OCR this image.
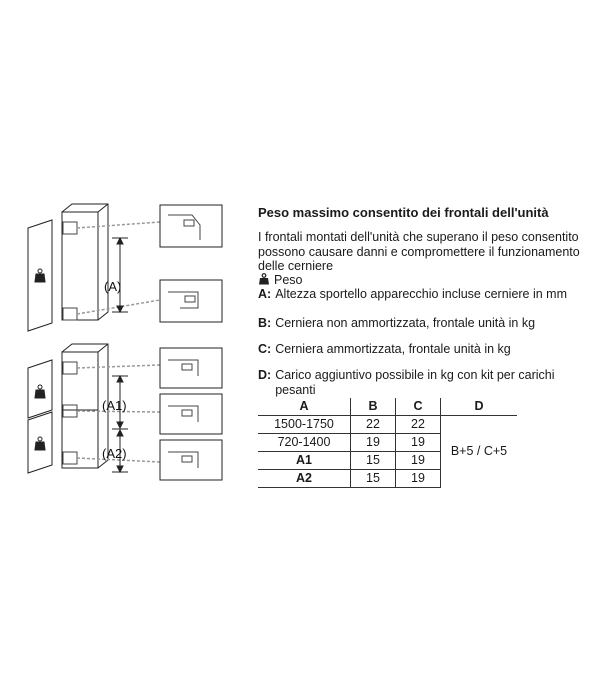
(A)
(A1)
(A2)
Peso massimo consentito dei frontali dell'unità
I frontali montati dell'unità che superano il peso consentito possono causare danni e compromettere il funzionamento delle cerniere
Peso
A: Altezza sportello apparecchio incluse cerniere in mm
B: Cerniera non ammortizzata, frontale unità in kg
C: Cerniera ammortizzata, frontale unità in kg
D: Carico aggiuntivo possibile in kg con kit per carichi pesanti
A	B	C	D
1500-1750	22	22	B+5 / C+5
720-1400	19	19	
A1	15	19	
A2	15	19	
